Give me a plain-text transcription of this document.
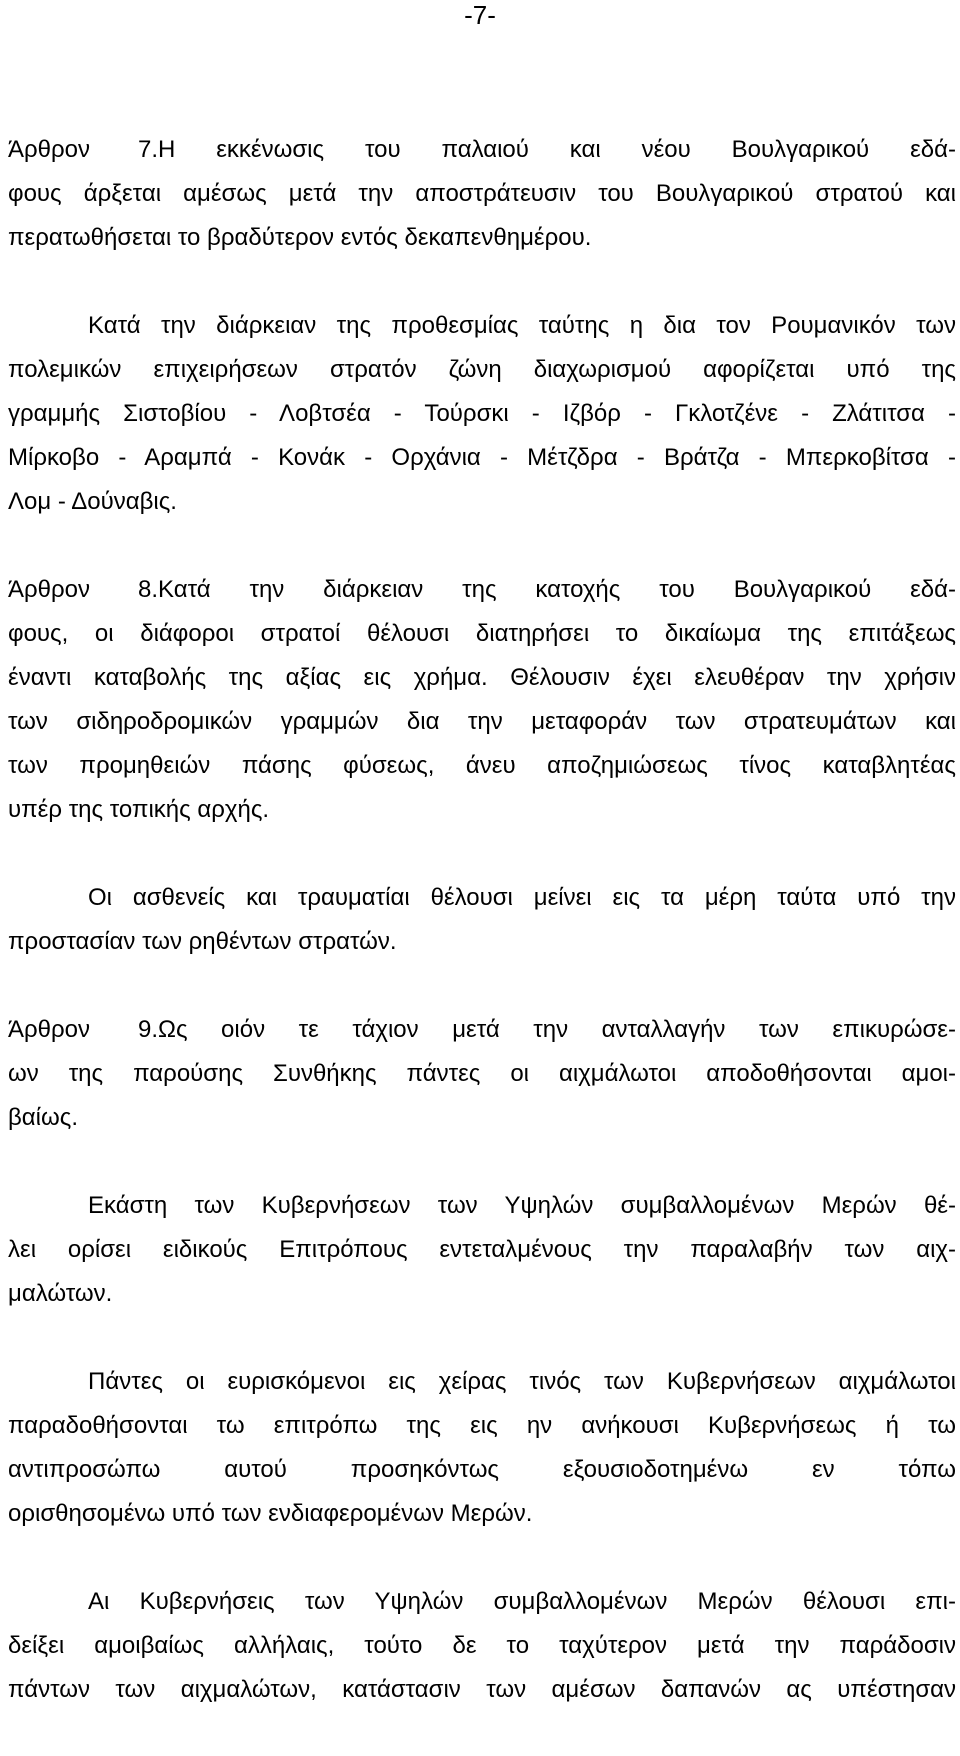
-7-
Άρθρον 7.Η εκκένωσις του παλαιού και νέου Βουλγαρικού εδά-
φους άρξεται αμέσως μετά την αποστράτευσιν του Βουλγαρικού στρατού και
περατωθήσεται το βραδύτερον εντός δεκαπενθημέρου.
Κατά την διάρκειαν της προθεσμίας ταύτης η δια τον Ρουμανικόν των
πολεμικών επιχειρήσεων στρατόν ζώνη διαχωρισμού αφορίζεται υπό της
γραμμής Σιστοβίου - Λοβτσέα - Τούρσκι - Ιζβόρ - Γκλοτζένε - Ζλάτιτσα -
Μίρκοβο - Αραμπά - Κονάκ - Ορχάνια - Μέτζδρα - Βράτζα - Μπερκοβίτσα -
Λομ - Δούναβις.
Άρθρον 8.Κατά την διάρκειαν της κατοχής του Βουλγαρικού εδά-
φους, οι διάφοροι στρατοί θέλουσι διατηρήσει το δικαίωμα της επιτάξεως
έναντι καταβολής της αξίας εις χρήμα. Θέλουσιν έχει ελευθέραν την χρήσιν
των σιδηροδρομικών γραμμών δια την μεταφοράν των στρατευμάτων και
των προμηθειών πάσης φύσεως, άνευ αποζημιώσεως τίνος καταβλητέας
υπέρ της τοπικής αρχής.
Οι ασθενείς και τραυματίαι θέλουσι μείνει εις τα μέρη ταύτα υπό την
προστασίαν των ρηθέντων στρατών.
Άρθρον 9.Ως οιόν τε τάχιον μετά την ανταλλαγήν των επικυρώσε-
ων της παρούσης Συνθήκης πάντες οι αιχμάλωτοι αποδοθήσονται αμοι-
βαίως.
Εκάστη των Κυβερνήσεων των Υψηλών συμβαλλομένων Μερών θέ-
λει ορίσει ειδικούς Επιτρόπους εντεταλμένους την παραλαβήν των αιχ-
μαλώτων.
Πάντες οι ευρισκόμενοι εις χείρας τινός των Κυβερνήσεων αιχμάλωτοι
παραδοθήσονται τω επιτρόπω της εις ην ανήκουσι Κυβερνήσεως ή τω
αντιπροσώπω αυτού προσηκόντως εξουσιοδοτημένω εν τόπω
ορισθησομένω υπό των ενδιαφερομένων Μερών.
Αι Κυβερνήσεις των Υψηλών συμβαλλομένων Μερών θέλουσι επι-
δείξει αμοιβαίως αλλήλαις, τούτο δε το ταχύτερον μετά την παράδοσιν
πάντων των αιχμαλώτων, κατάστασιν των αμέσων δαπανών ας υπέστησαν
